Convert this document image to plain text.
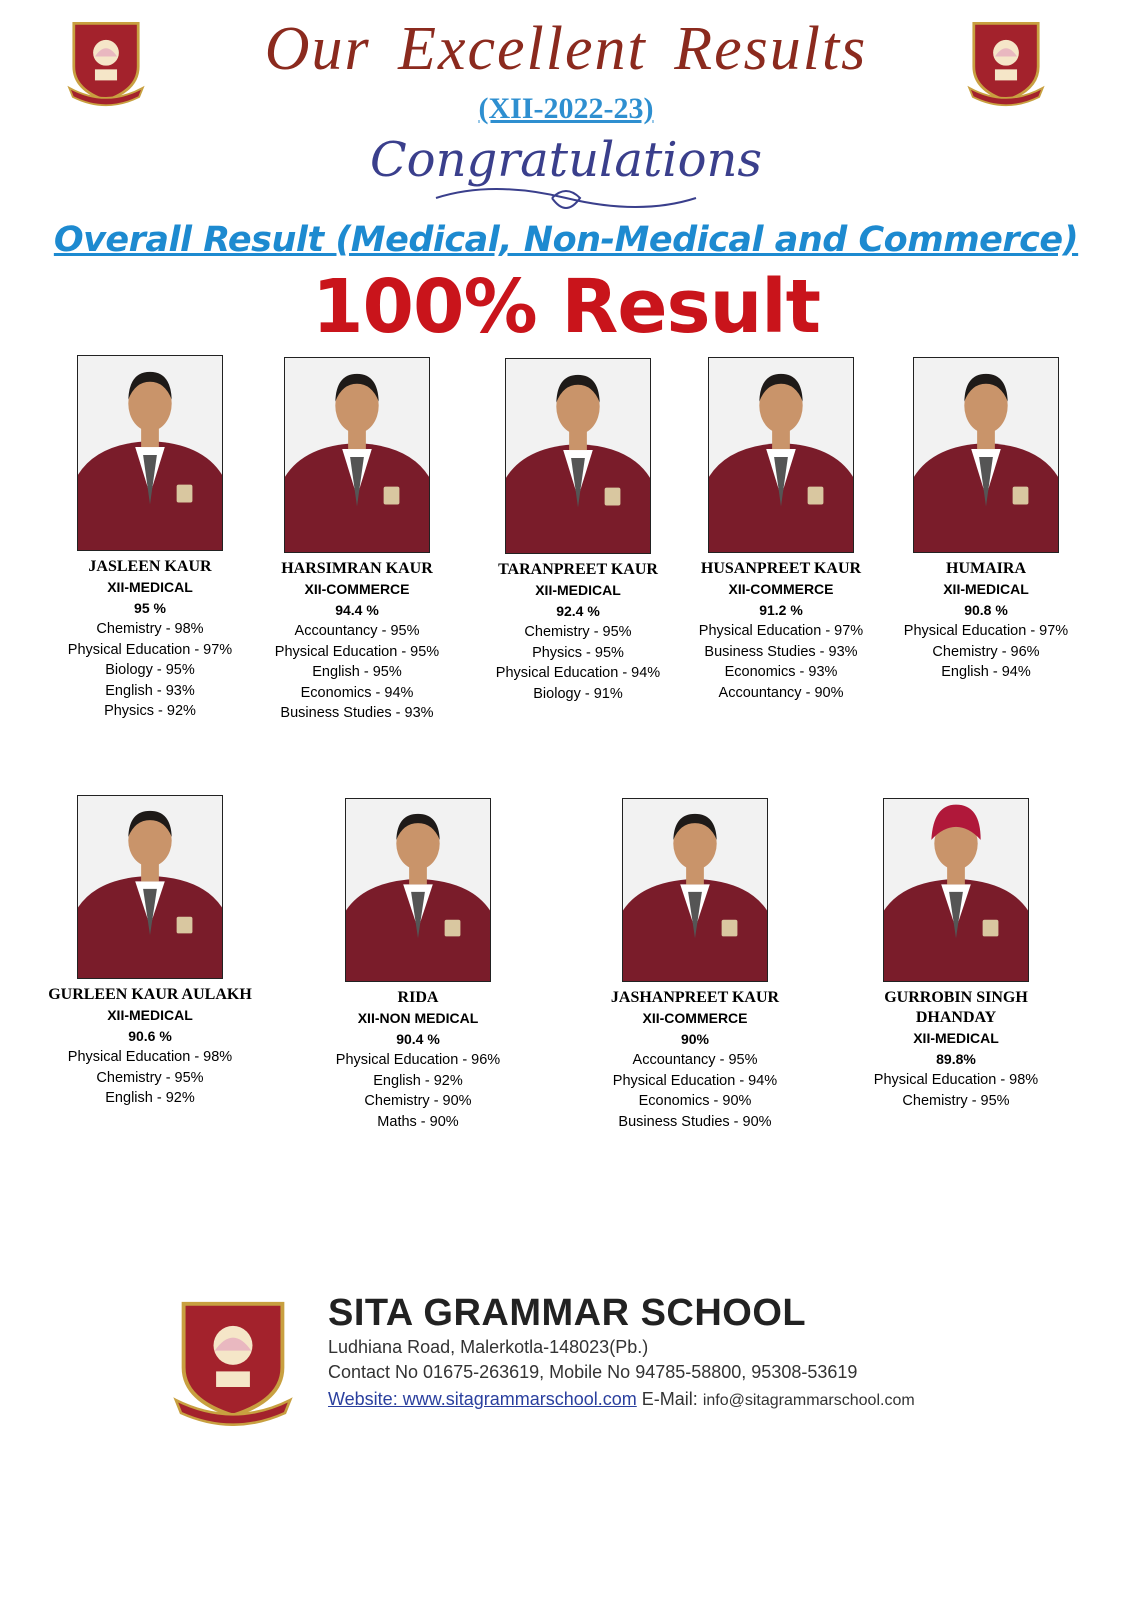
Our Excellent Results
(XII-2022-23)
Congratulations
Overall Result (Medical, Non-Medical and Commerce)
100% Result
JASLEEN KAUR
XII-MEDICAL
95 %
Chemistry - 98%
Physical Education - 97%
Biology - 95%
English - 93%
Physics - 92%
HARSIMRAN KAUR
XII-COMMERCE
94.4 %
Accountancy - 95%
Physical Education - 95%
English - 95%
Economics - 94%
Business Studies - 93%
TARANPREET KAUR
XII-MEDICAL
92.4 %
Chemistry - 95%
Physics - 95%
Physical Education - 94%
Biology - 91%
HUSANPREET KAUR
XII-COMMERCE
91.2 %
Physical Education - 97%
Business Studies - 93%
Economics - 93%
Accountancy - 90%
HUMAIRA
XII-MEDICAL
90.8 %
Physical Education - 97%
Chemistry - 96%
English - 94%
GURLEEN KAUR AULAKH
XII-MEDICAL
90.6 %
Physical Education - 98%
Chemistry - 95%
English - 92%
RIDA
XII-NON MEDICAL
90.4 %
Physical Education - 96%
English - 92%
Chemistry - 90%
Maths - 90%
JASHANPREET KAUR
XII-COMMERCE
90%
Accountancy - 95%
Physical Education - 94%
Economics - 90%
Business Studies - 90%
GURROBIN SINGH DHANDAY
XII-MEDICAL
89.8%
Physical Education - 98%
Chemistry - 95%
SITA GRAMMAR SCHOOL
Ludhiana Road, Malerkotla-148023(Pb.)
Contact No 01675-263619, Mobile No 94785-58800, 95308-53619
Website: www.sitagrammarschool.com E-Mail: info@sitagrammarschool.com
